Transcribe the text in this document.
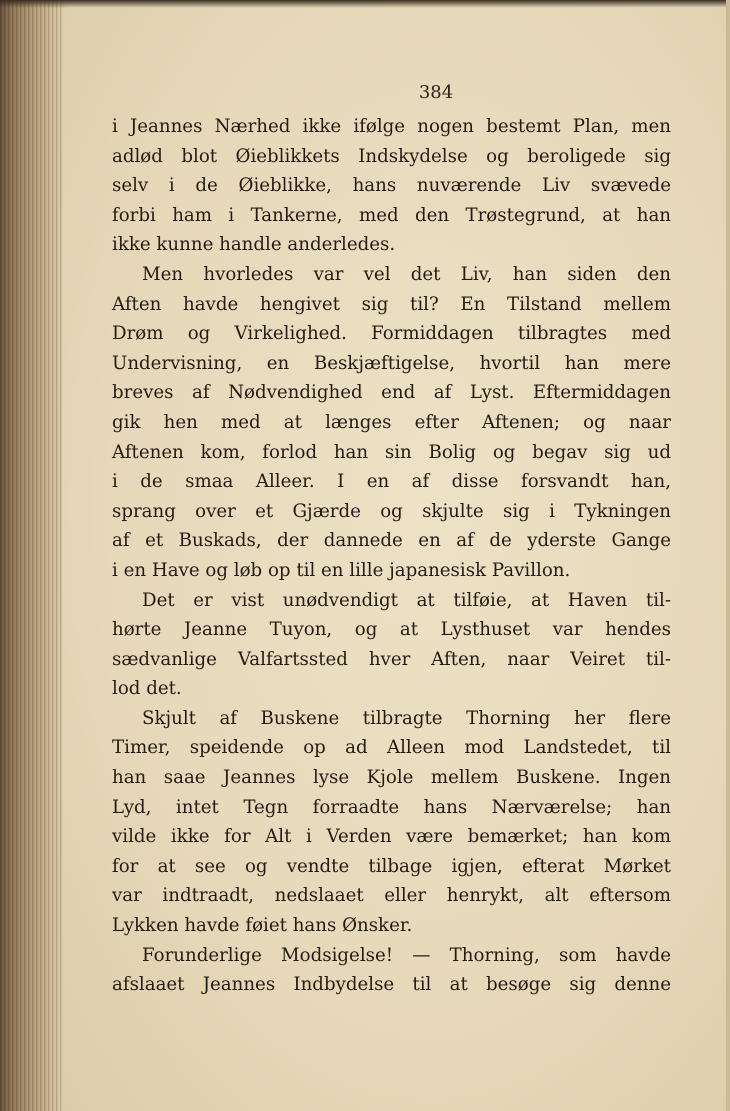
384
i Jeannes Nærhed ikke ifølge nogen bestemt Plan, men
adlød blot Øieblikkets Indskydelse og beroligede sig
selv i de Øieblikke, hans nuværende Liv svævede
forbi ham i Tankerne, med den Trøstegrund, at han
ikke kunne handle anderledes.
Men hvorledes var vel det Liv, han siden den
Aften havde hengivet sig til? En Tilstand mellem
Drøm og Virkelighed. Formiddagen tilbragtes med
Undervisning, en Beskjæftigelse, hvortil han mere
breves af Nødvendighed end af Lyst. Eftermiddagen
gik hen med at længes efter Aftenen; og naar
Aftenen kom, forlod han sin Bolig og begav sig ud
i de smaa Alleer. I en af disse forsvandt han,
sprang over et Gjærde og skjulte sig i Tykningen
af et Buskads, der dannede en af de yderste Gange
i en Have og løb op til en lille japanesisk Pavillon.
Det er vist unødvendigt at tilføie, at Haven til-
hørte Jeanne Tuyon, og at Lysthuset var hendes
sædvanlige Valfartssted hver Aften, naar Veiret til-
lod det.
Skjult af Buskene tilbragte Thorning her flere
Timer, speidende op ad Alleen mod Landstedet, til
han saae Jeannes lyse Kjole mellem Buskene. Ingen
Lyd, intet Tegn forraadte hans Nærværelse; han
vilde ikke for Alt i Verden være bemærket; han kom
for at see og vendte tilbage igjen, efterat Mørket
var indtraadt, nedslaaet eller henrykt, alt eftersom
Lykken havde føiet hans Ønsker.
Forunderlige Modsigelse! — Thorning, som havde
afslaaet Jeannes Indbydelse til at besøge sig denne
